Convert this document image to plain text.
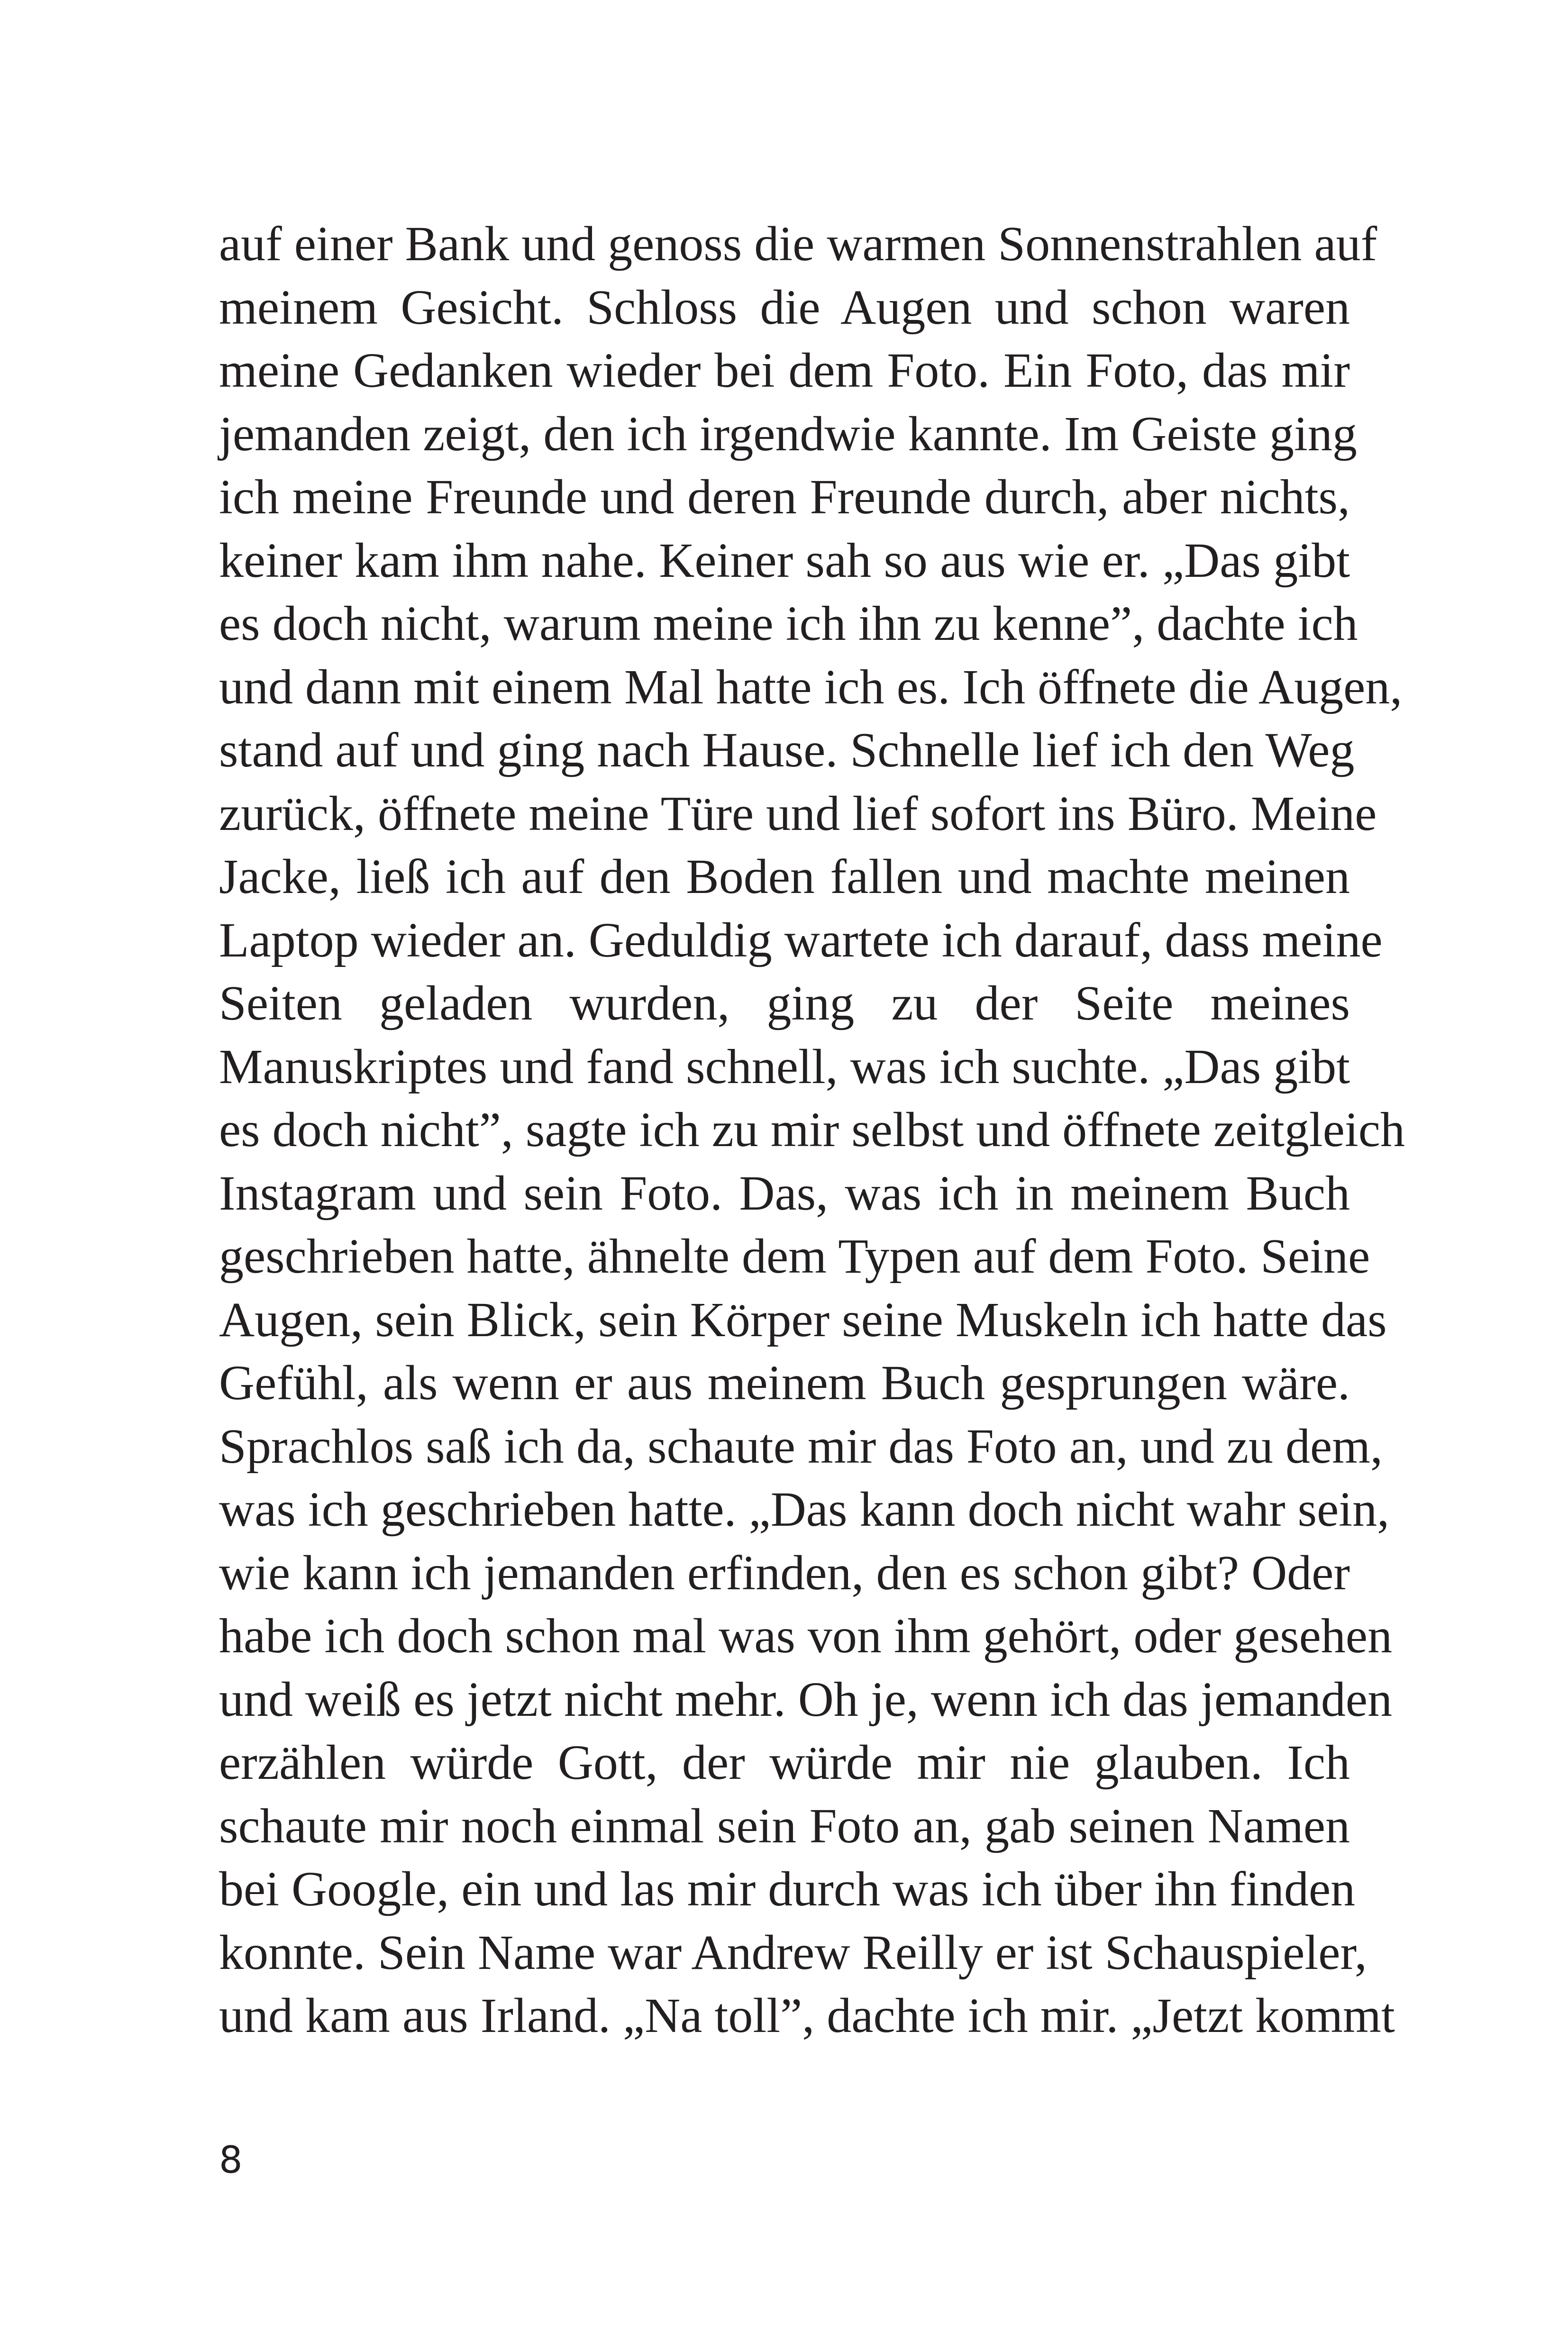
auf einer Bank und genoss die warmen Sonnenstrahlen auf
meinem Gesicht. Schloss die Augen und schon waren
meine Gedanken wieder bei dem Foto. Ein Foto, das mir
jemanden zeigt, den ich irgendwie kannte. Im Geiste ging
ich meine Freunde und deren Freunde durch, aber nichts,
keiner kam ihm nahe. Keiner sah so aus wie er. „Das gibt
es doch nicht, warum meine ich ihn zu kenne”, dachte ich
und dann mit einem Mal hatte ich es. Ich öffnete die Augen,
stand auf und ging nach Hause. Schnelle lief ich den Weg
zurück, öffnete meine Türe und lief sofort ins Büro. Meine
Jacke, ließ ich auf den Boden fallen und machte meinen
Laptop wieder an. Geduldig wartete ich darauf, dass meine
Seiten geladen wurden, ging zu der Seite meines
Manuskriptes und fand schnell, was ich suchte. „Das gibt
es doch nicht”, sagte ich zu mir selbst und öffnete zeitgleich
Instagram und sein Foto. Das, was ich in meinem Buch
geschrieben hatte, ähnelte dem Typen auf dem Foto. Seine
Augen, sein Blick, sein Körper seine Muskeln ich hatte das
Gefühl, als wenn er aus meinem Buch gesprungen wäre.
Sprachlos saß ich da, schaute mir das Foto an, und zu dem,
was ich geschrieben hatte. „Das kann doch nicht wahr sein,
wie kann ich jemanden erfinden, den es schon gibt? Oder
habe ich doch schon mal was von ihm gehört, oder gesehen
und weiß es jetzt nicht mehr. Oh je, wenn ich das jemanden
erzählen würde Gott, der würde mir nie glauben. Ich
schaute mir noch einmal sein Foto an, gab seinen Namen
bei Google, ein und las mir durch was ich über ihn finden
konnte. Sein Name war Andrew Reilly er ist Schauspieler,
und kam aus Irland. „Na toll”, dachte ich mir. „Jetzt kommt
8
